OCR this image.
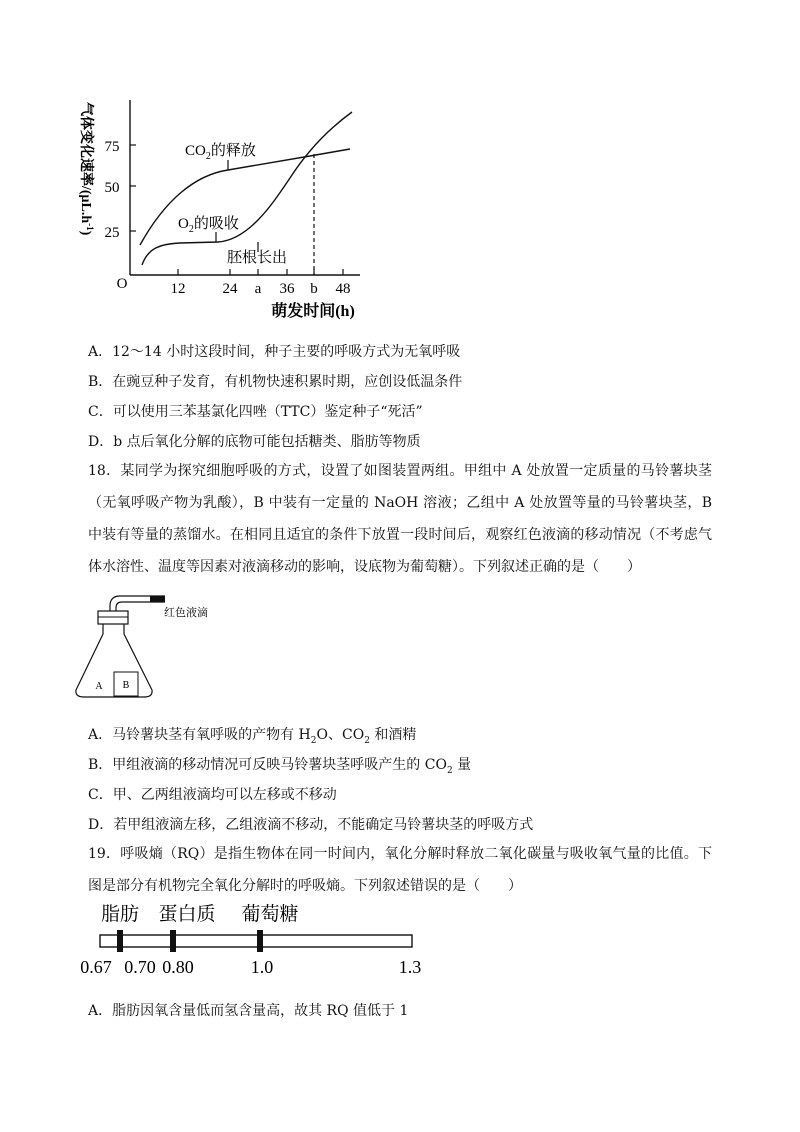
75
50
25
O	12 24 a 36 b 48
$CO_2$的释放
$O_2$的吸收
胚根长出
萌发时间(h)
气体变化速率$/(\mu L.h^{-1})$
A．12～14 小时这段时间，种子主要的呼吸方式为无氧呼吸
B．在豌豆种子发育，有机物快速积累时期，应创设低温条件
C．可以使用三苯基氯化四唑（TTC）鉴定种子“死活”
D．b 点后氧化分解的底物可能包括糖类、脂肪等物质
18．某同学为探究细胞呼吸的方式，设置了如图装置两组。甲组中 A 处放置一定质量的马铃薯块茎（无氧呼吸产物为乳酸），B 中装有一定量的 NaOH 溶液；乙组中 A 处放置等量的马铃薯块茎，B 中装有等量的蒸馏水。在相同且适宜的条件下放置一段时间后，观察红色液滴的移动情况（不考虑气体水溶性、温度等因素对液滴移动的影响，设底物为葡萄糖）。下列叙述正确的是（　　）
A B
红色液滴
A．马铃薯块茎有氧呼吸的产物有 $H_2O$、$CO_2$ 和酒精
B．甲组液滴的移动情况可反映马铃薯块茎呼吸产生的 $CO_2$ 量
C．甲、乙两组液滴均可以左移或不移动
D．若甲组液滴左移，乙组液滴不移动，不能确定马铃薯块茎的呼吸方式
19．呼吸熵（RQ）是指生物体在同一时间内，氧化分解时释放二氧化碳量与吸收氧气量的比值。下图是部分有机物完全氧化分解时的呼吸熵。下列叙述错误的是（　　）
脂肪 蛋白质 葡萄糖
0.67 0.70 0.80	1.0	1.3
A．脂肪因氧含量低而氢含量高，故其 RQ 值低于 1
